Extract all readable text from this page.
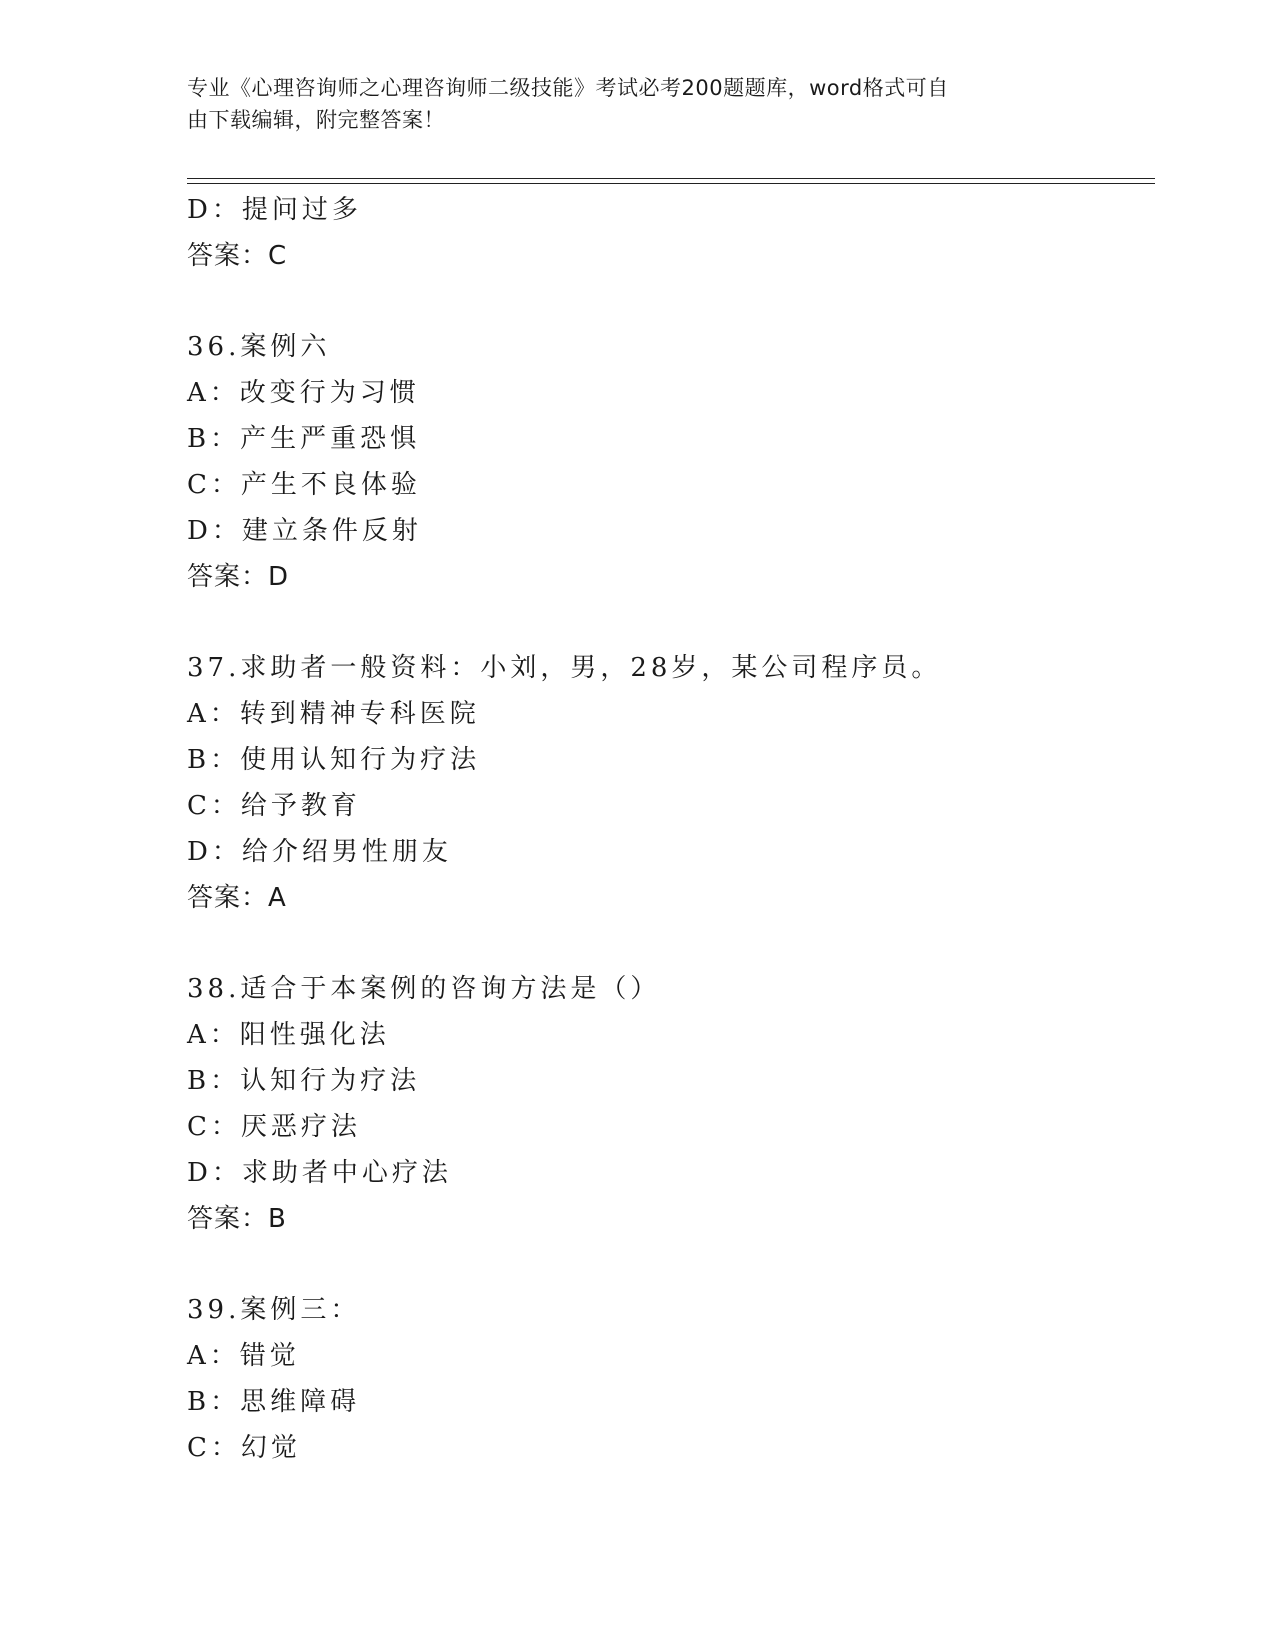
专业《心理咨询师之心理咨询师二级技能》考试必考200题题库，word格式可自
由下载编辑，附完整答案！
D：提问过多
答案：C
36.案例六
A：改变行为习惯
B：产生严重恐惧
C：产生不良体验
D：建立条件反射
答案：D
37.求助者一般资料：小刘，男，28岁，某公司程序员。
A：转到精神专科医院
B：使用认知行为疗法
C：给予教育
D：给介绍男性朋友
答案：A
38.适合于本案例的咨询方法是（）
A：阳性强化法
B：认知行为疗法
C：厌恶疗法
D：求助者中心疗法
答案：B
39.案例三：
A：错觉
B：思维障碍
C：幻觉
